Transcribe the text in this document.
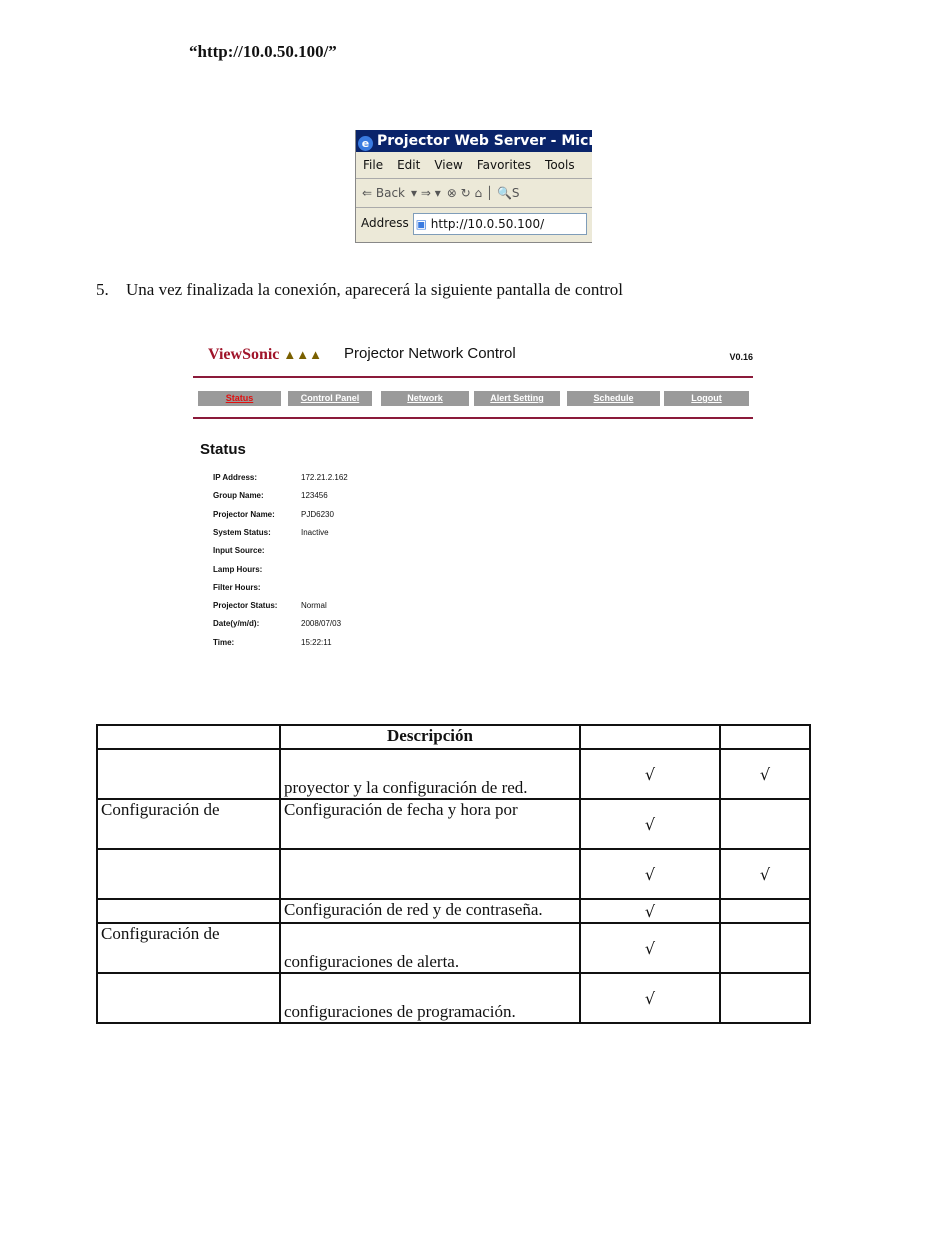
“http://10.0.50.100/”
e Projector Web Server - Microsoft
File Edit View Favorites Tools
⇐ Back ▾ ⇒ ▾ ⊗ ↻ ⌂ │ 🔍S
Address ▣ http://10.0.50.100/
5. Una vez finalizada la conexión, aparecerá la siguiente pantalla de control
ViewSonic ▲▲▲ Projector Network Control	V0.16
Status	Control Panel	Network	Alert Setting	Schedule	Logout
Status
IP Address:	172.21.2.162
Group Name:	123456
Projector Name:	PJD6230
System Status:	Inactive
Input Source:
Lamp Hours:
Filter Hours:
Projector Status:	Normal
Date(y/m/d):	2008/07/03
Time:	15:22:11
	Descripción		
	proyector y la configuración de red.	√	√
Configuración de	Configuración de fecha y hora por	√	
		√	√
	Configuración de red y de contraseña.	√	
Configuración de	configuraciones de alerta.	√	
	configuraciones de programación.	√	
